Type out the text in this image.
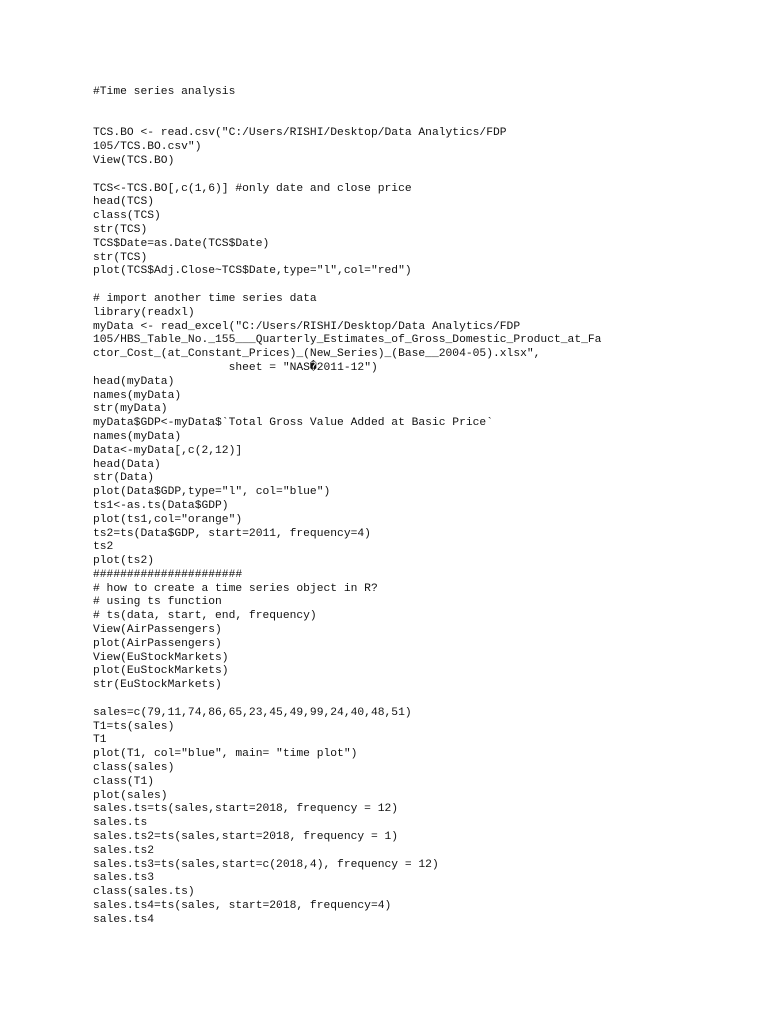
#Time series analysis
TCS.BO <- read.csv("C:/Users/RISHI/Desktop/Data Analytics/FDP
105/TCS.BO.csv")
View(TCS.BO)
TCS<-TCS.BO[,c(1,6)] #only date and close price
head(TCS)
class(TCS)
str(TCS)
TCS$Date=as.Date(TCS$Date)
str(TCS)
plot(TCS$Adj.Close~TCS$Date,type="l",col="red")
# import another time series data
library(readxl)
myData <- read_excel("C:/Users/RISHI/Desktop/Data Analytics/FDP
105/HBS_Table_No._155___Quarterly_Estimates_of_Gross_Domestic_Product_at_Fa
ctor_Cost_(at_Constant_Prices)_(New_Series)_(Base__2004-05).xlsx",
sheet = "NAS�2011-12")
head(myData)
names(myData)
str(myData)
myData$GDP<-myData$`Total Gross Value Added at Basic Price`
names(myData)
Data<-myData[,c(2,12)]
head(Data)
str(Data)
plot(Data$GDP,type="l", col="blue")
ts1<-as.ts(Data$GDP)
plot(ts1,col="orange")
ts2=ts(Data$GDP, start=2011, frequency=4)
ts2
plot(ts2)
######################
# how to create a time series object in R?
# using ts function
# ts(data, start, end, frequency)
View(AirPassengers)
plot(AirPassengers)
View(EuStockMarkets)
plot(EuStockMarkets)
str(EuStockMarkets)
sales=c(79,11,74,86,65,23,45,49,99,24,40,48,51)
T1=ts(sales)
T1
plot(T1, col="blue", main= "time plot")
class(sales)
class(T1)
plot(sales)
sales.ts=ts(sales,start=2018, frequency = 12)
sales.ts
sales.ts2=ts(sales,start=2018, frequency = 1)
sales.ts2
sales.ts3=ts(sales,start=c(2018,4), frequency = 12)
sales.ts3
class(sales.ts)
sales.ts4=ts(sales, start=2018, frequency=4)
sales.ts4
